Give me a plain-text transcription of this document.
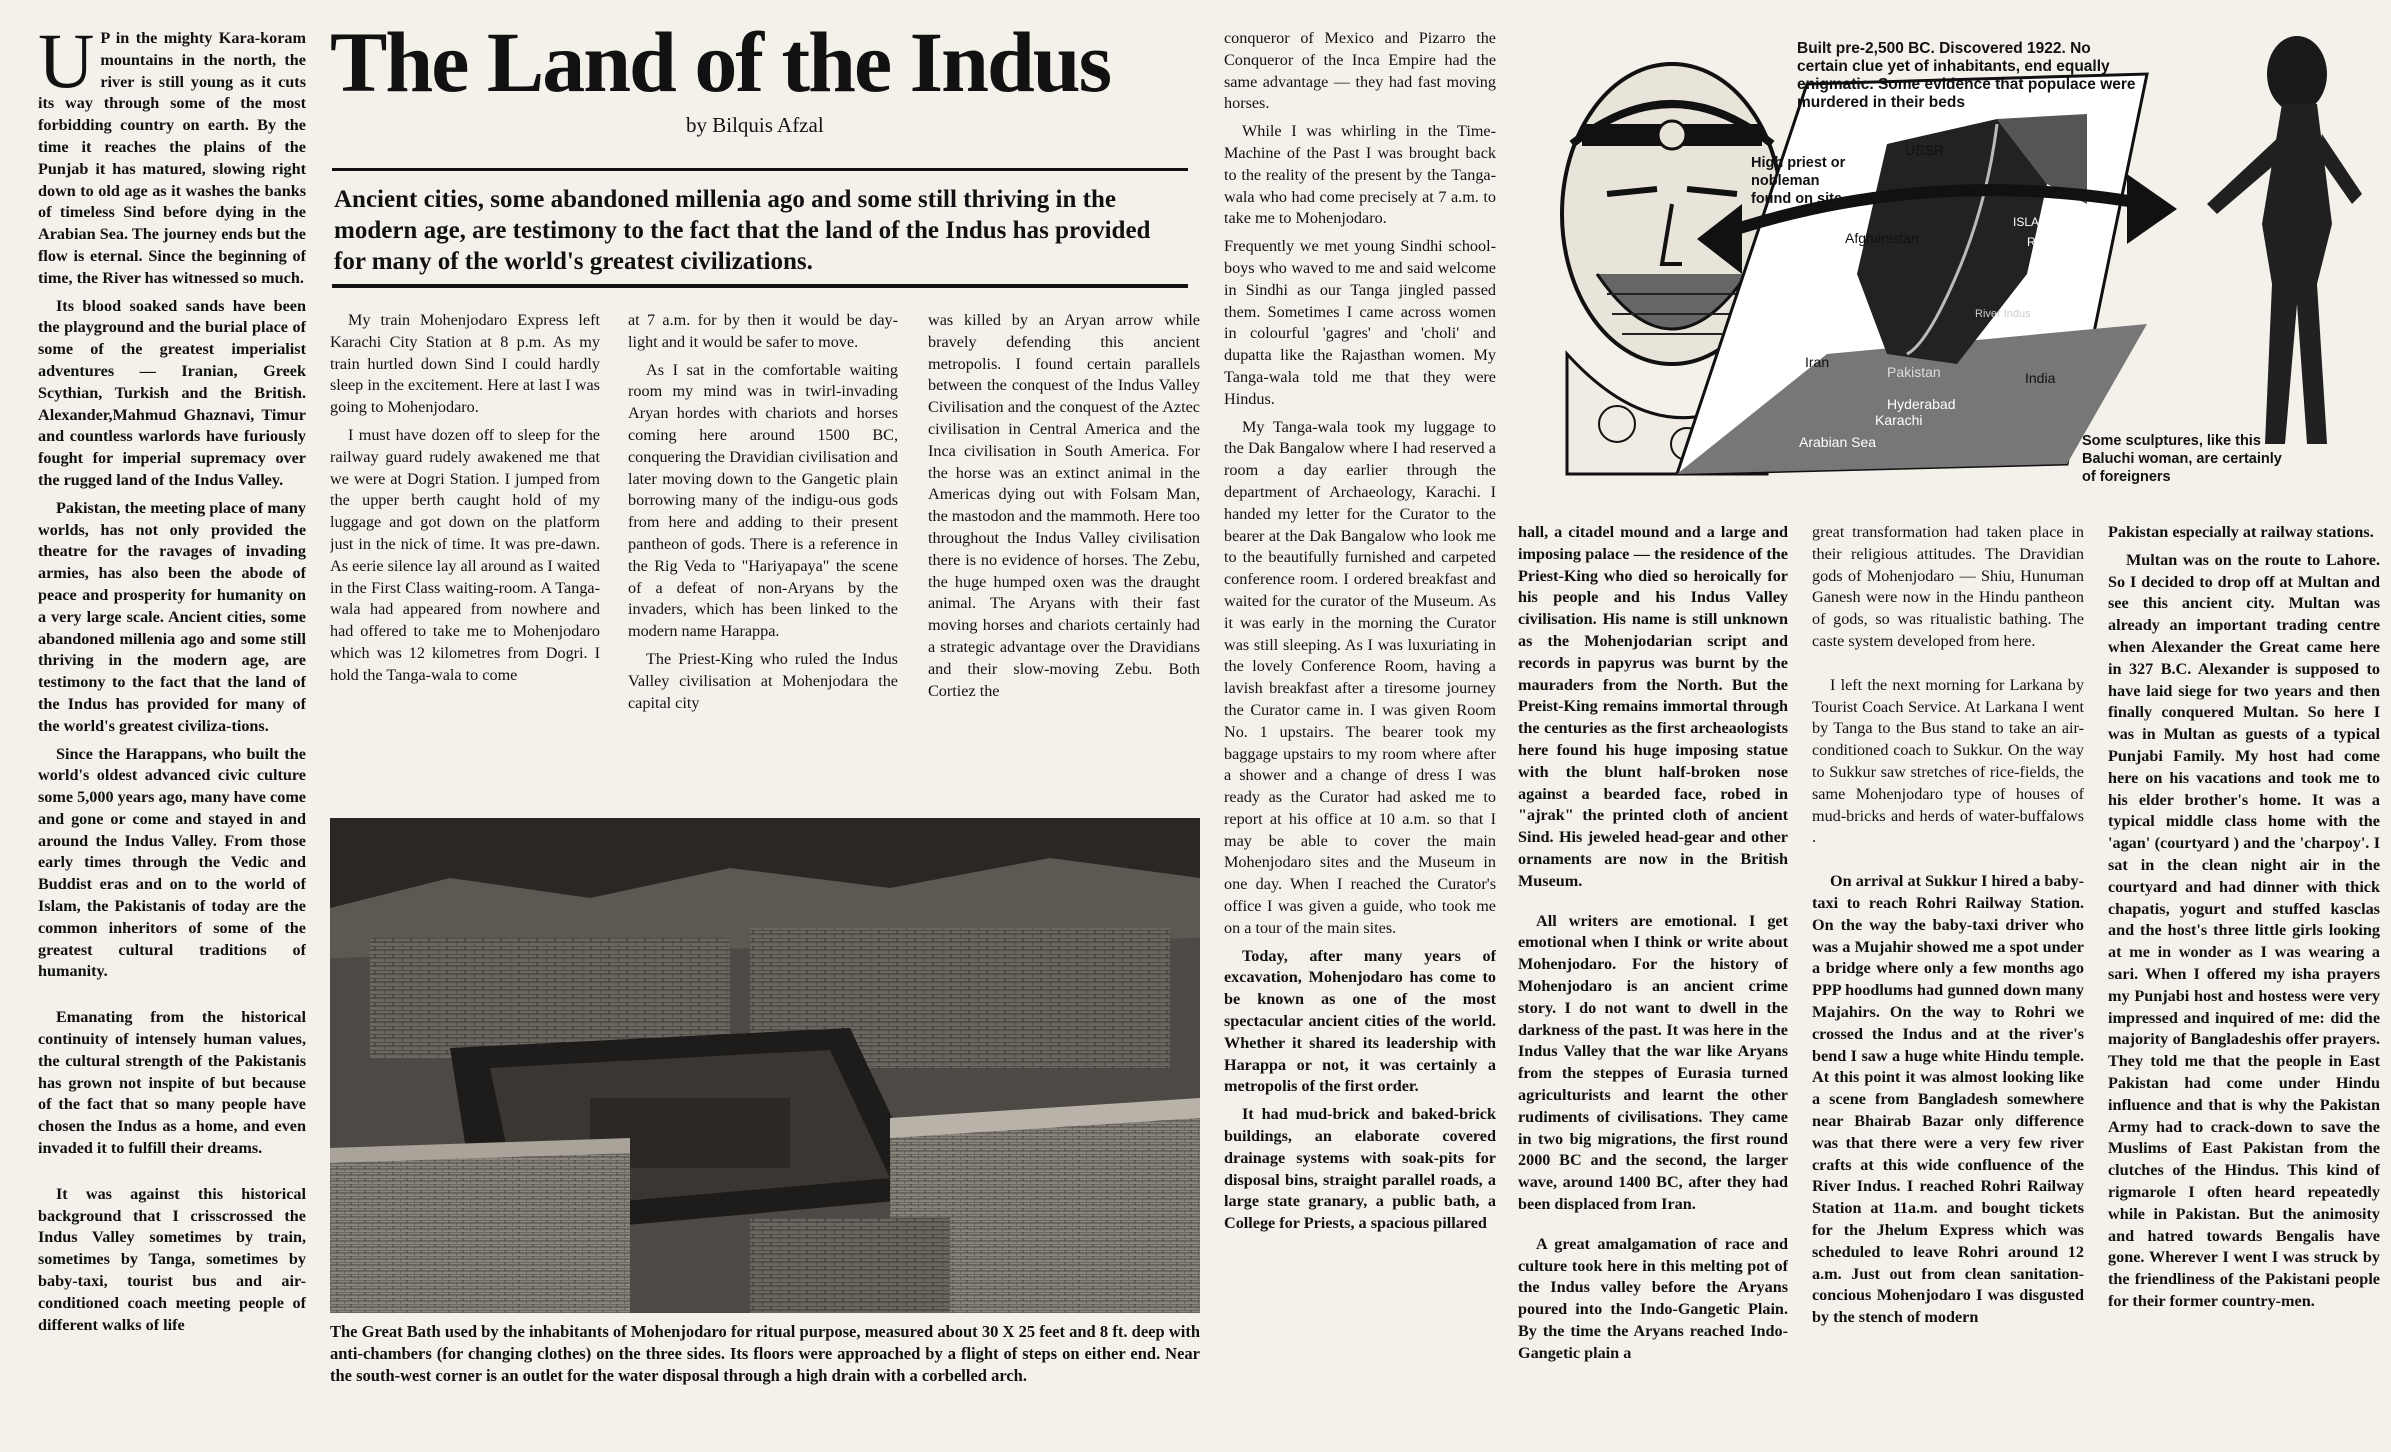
U P in the mighty Kara-koram mountains in the north, the river is still young as it cuts its way through some of the most forbidding country on earth. By the time it reaches the plains of the Punjab it has matured, slowing right down to old age as it washes the banks of timeless Sind before dying in the Arabian Sea. The journey ends but the flow is eternal. Since the beginning of time, the River has witnessed so much.

Its blood soaked sands have been the playground and the burial place of some of the greatest imperialist adventures — Iranian, Greek Scythian, Turkish and the British. Alexander,Mahmud Ghaznavi, Timur and countless warlords have furiously fought for imperial supremacy over the rugged land of the Indus Valley.

Pakistan, the meeting place of many worlds, has not only provided the theatre for the ravages of invading armies, has also been the abode of peace and prosperity for humanity on a very large scale. Ancient cities, some abandoned millenia ago and some still thriving in the modern age, are testimony to the fact that the land of the Indus has provided for many of the world's greatest civiliza-tions.

Since the Harappans, who built the world's oldest advanced civic culture some 5,000 years ago, many have come and gone or come and stayed in and around the Indus Valley. From those early times through the Vedic and Buddist eras and on to the world of Islam, the Pakistanis of today are the common inheritors of some of the greatest cultural traditions of humanity.

Emanating from the historical continuity of intensely human values, the cultural strength of the Pakistanis has grown not inspite of but because of the fact that so many people have chosen the Indus as a home, and even invaded it to fulfill their dreams.

It was against this historical background that I crisscrossed the Indus Valley sometimes by train, sometimes by Tanga, sometimes by baby-taxi, tourist bus and air-conditioned coach meeting people of different walks of life

The Land of the Indus
by Bilquis Afzal
Ancient cities, some abandoned millenia ago and some still thriving in the modern age, are testimony to the fact that the land of the Indus has provided for many of the world's greatest civilizations.

My train Mohenjodaro Express left Karachi City Station at 8 p.m. As my train hurtled down Sind I could hardly sleep in the excitement. Here at last I was going to Mohenjodaro.

I must have dozen off to sleep for the railway guard rudely awakened me that we were at Dogri Station. I jumped from the upper berth caught hold of my luggage and got down on the platform just in the nick of time. It was pre-dawn. As eerie silence lay all around as I waited in the First Class waiting-room. A Tanga-wala had appeared from nowhere and had offered to take me to Mohenjodaro which was 12 kilometres from Dogri. I hold the Tanga-wala to come

at 7 a.m. for by then it would be day-light and it would be safer to move.

As I sat in the comfortable waiting room my mind was in twirl-invading Aryan hordes with chariots and horses coming here around 1500 BC, conquering the Dravidian civilisation and later moving down to the Gangetic plain borrowing many of the indigu-ous gods from here and adding to their present pantheon of gods. There is a reference in the Rig Veda to "Hariyapaya" the scene of a defeat of non-Aryans by the invaders, which has been linked to the modern name Harappa.

The Priest-King who ruled the Indus Valley civilisation at Mohenjodara the capital city

was killed by an Aryan arrow while bravely defending this ancient metropolis. I found certain parallels between the conquest of the Indus Valley Civilisation and the conquest of the Aztec civilisation in Central America and the Inca civilisation in South America. For the horse was an extinct animal in the Americas dying out with Folsam Man, the mastodon and the mammoth. Here too throughout the Indus Valley civilisation there is no evidence of horses. The Zebu, the huge humped oxen was the draught animal. The Aryans with their fast moving horses and chariots certainly had a strategic advantage over the Dravidians and their slow-moving Zebu. Both Cortiez the

The Great Bath used by the inhabitants of Mohenjodaro for ritual purpose, measured about 30 X 25 feet and 8 ft. deep with anti-chambers (for changing clothes) on the three sides. Its floors were approached by a flight of steps on either end. Near the south-west corner is an outlet for the water disposal through a high drain with a corbelled arch.

conqueror of Mexico and Pizarro the Conqueror of the Inca Empire had the same advantage — they had fast moving horses.

While I was whirling in the Time-Machine of the Past I was brought back to the reality of the present by the Tanga-wala who had come precisely at 7 a.m. to take me to Mohenjodaro.

Frequently we met young Sindhi school-boys who waved to me and said welcome in Sindhi as our Tanga jingled passed them. Sometimes I came across women in colourful 'gagres' and 'choli' and dupatta like the Rajasthan women. My Tanga-wala told me that they were Hindus.

My Tanga-wala took my luggage to the Dak Bangalow where I had reserved a room a day earlier through the department of Archaeology, Karachi. I handed my letter for the Curator to the bearer at the Dak Bangalow who look me to the beautifully furnished and carpeted conference room. I ordered breakfast and waited for the curator of the Museum. As it was early in the morning the Curator was still sleeping. As I was luxuriating in the lovely Conference Room, having a lavish breakfast after a tiresome journey the Curator came in. I was given Room No. 1 upstairs. The bearer took my baggage upstairs to my room where after a shower and a change of dress I was ready as the Curator had asked me to report at his office at 10 a.m. so that I may be able to cover the main Mohenjodaro sites and the Museum in one day. When I reached the Curator's office I was given a guide, who took me on a tour of the main sites.

Today, after many years of excavation, Mohenjodaro has come to be known as one of the most spectacular ancient cities of the world. Whether it shared its leadership with Harappa or not, it was certainly a metropolis of the first order.

It had mud-brick and baked-brick buildings, an elaborate covered drainage systems with soak-pits for disposal bins, straight parallel roads, a large state granary, a public bath, a College for Priests, a spacious pillared

Built pre-2,500 BC. Discovered 1922. No certain clue yet of inhabitants, end equally enigmatic. Some evidence that populace were murdered in their beds
High priest or nobleman found on site
Some sculptures, like this Baluchi woman, are certainly of foreigners
USSR
ISLAMABAD
Rawalpindi
Afghanistan
Lahore
River Indus
Iran
Pakistan	India
Hyderabad
Karachi
Arabian Sea

hall, a citadel mound and a large and imposing palace — the residence of the Priest-King who died so heroically for his people and his Indus Valley civilisation. His name is still unknown as the Mohenjodarian script and records in papyrus was burnt by the mauraders from the North. But the Preist-King remains immortal through the centuries as the first archeaologists here found his huge imposing statue with the blunt half-broken nose against a bearded face, robed in "ajrak" the printed cloth of ancient Sind. His jeweled head-gear and other ornaments are now in the British Museum.

All writers are emotional. I get emotional when I think or write about Mohenjodaro. For the history of Mohenjodaro is an ancient crime story. I do not want to dwell in the darkness of the past. It was here in the Indus Valley that the war like Aryans from the steppes of Eurasia turned agriculturists and learnt the other rudiments of civilisations. They came in two big migrations, the first round 2000 BC and the second, the larger wave, around 1400 BC, after they had been displaced from Iran.

A great amalgamation of race and culture took here in this melting pot of the Indus valley before the Aryans poured into the Indo-Gangetic Plain. By the time the Aryans reached Indo-Gangetic plain a

great transformation had taken place in their religious attitudes. The Dravidian gods of Mohenjodaro — Shiu, Hunuman Ganesh were now in the Hindu pantheon of gods, so was ritualistic bathing. The caste system developed from here.

I left the next morning for Larkana by Tourist Coach Service. At Larkana I went by Tanga to the Bus stand to take an air-conditioned coach to Sukkur. On the way to Sukkur saw stretches of rice-fields, the same Mohenjodaro type of houses of mud-bricks and herds of water-buffalows .

On arrival at Sukkur I hired a baby-taxi to reach Rohri Railway Station. On the way the baby-taxi driver who was a Mujahir showed me a spot under a bridge where only a few months ago PPP hoodlums had gunned down many Majahirs. On the way to Rohri we crossed the Indus and at the river's bend I saw a huge white Hindu temple. At this point it was almost looking like a scene from Bangladesh somewhere near Bhairab Bazar only difference was that there were a very few river crafts at this wide confluence of the River Indus. I reached Rohri Railway Station at 11a.m. and bought tickets for the Jhelum Express which was scheduled to leave Rohri around 12 a.m. Just out from clean sanitation-concious Mohenjodaro I was disgusted by the stench of modern

Pakistan especially at railway stations.

Multan was on the route to Lahore. So I decided to drop off at Multan and see this ancient city. Multan was already an important trading centre when Alexander the Great came here in 327 B.C. Alexander is supposed to have laid siege for two years and then finally conquered Multan. So here I was in Multan as guests of a typical Punjabi Family. My host had come here on his vacations and took me to his elder brother's home. It was a typical middle class home with the 'agan' (courtyard ) and the 'charpoy'. I sat in the clean night air in the courtyard and had dinner with thick chapatis, yogurt and stuffed kasclas and the host's three little girls looking at me in wonder as I was wearing a sari. When I offered my isha prayers my Punjabi host and hostess were very impressed and inquired of me: did the majority of Bangladeshis offer prayers. They told me that the people in East Pakistan had come under Hindu influence and that is why the Pakistan Army had to crack-down to save the Muslims of East Pakistan from the clutches of the Hindus. This kind of rigmarole I often heard repeatedly while in Pakistan. But the animosity and hatred towards Bengalis have gone. Wherever I went I was struck by the friendliness of the Pakistani people for their former country-men.
